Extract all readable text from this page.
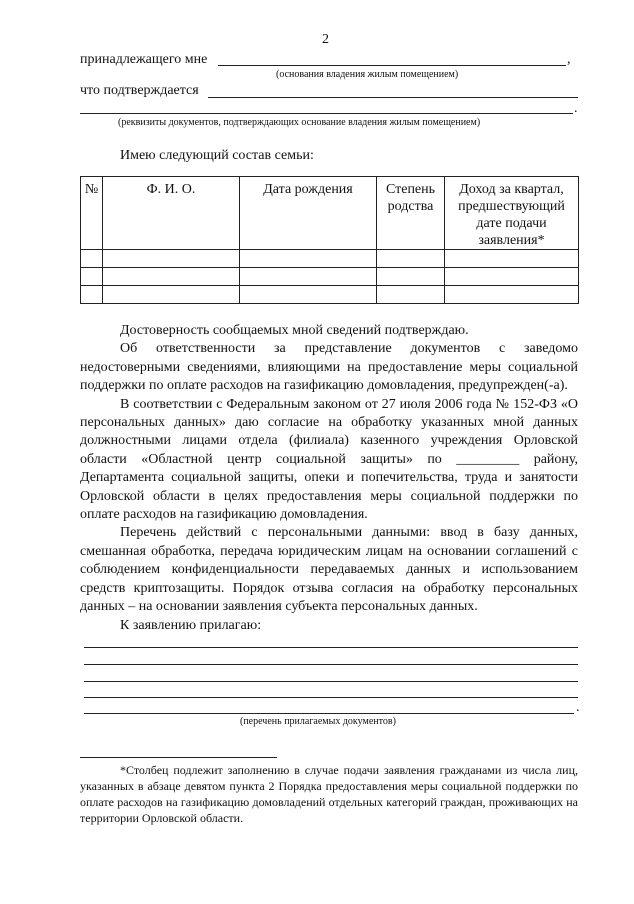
2
принадлежащего мне	,
(основания владения жилым помещением)
что подтверждается
.
(реквизиты документов, подтверждающих основание владения жилым помещением)
Имею следующий состав семьи:
№	Ф. И. О.	Дата рождения	Степень родства	Доход за квартал, предшествующий дате подачи заявления*

Достоверность сообщаемых мной сведений подтверждаю.

Об ответственности за представление документов с заведомо недостоверными сведениями, влияющими на предоставление меры социальной поддержки по оплате расходов на газификацию домовладения, предупрежден(-а).

В соответствии с Федеральным законом от 27 июля 2006 года № 152-ФЗ «О персональных данных» даю согласие на обработку указанных мной данных должностными лицами отдела (филиала) казенного учреждения Орловской области «Областной центр социальной защиты» по _________ району, Департамента социальной защиты, опеки и попечительства, труда и занятости Орловской области в целях предоставления меры социальной поддержки по оплате расходов на газификацию домовладения.

Перечень действий с персональными данными: ввод в базу данных, смешанная обработка, передача юридическим лицам на основании соглашений с соблюдением конфиденциальности передаваемых данных и использованием средств криптозащиты. Порядок отзыва согласия на обработку персональных данных – на основании заявления субъекта персональных данных.

К заявлению прилагаю:

.
(перечень прилагаемых документов)

*Столбец подлежит заполнению в случае подачи заявления гражданами из числа лиц, указанных в абзаце девятом пункта 2 Порядка предоставления меры социальной поддержки по оплате расходов на газификацию домовладений отдельных категорий граждан, проживающих на территории Орловской области.
